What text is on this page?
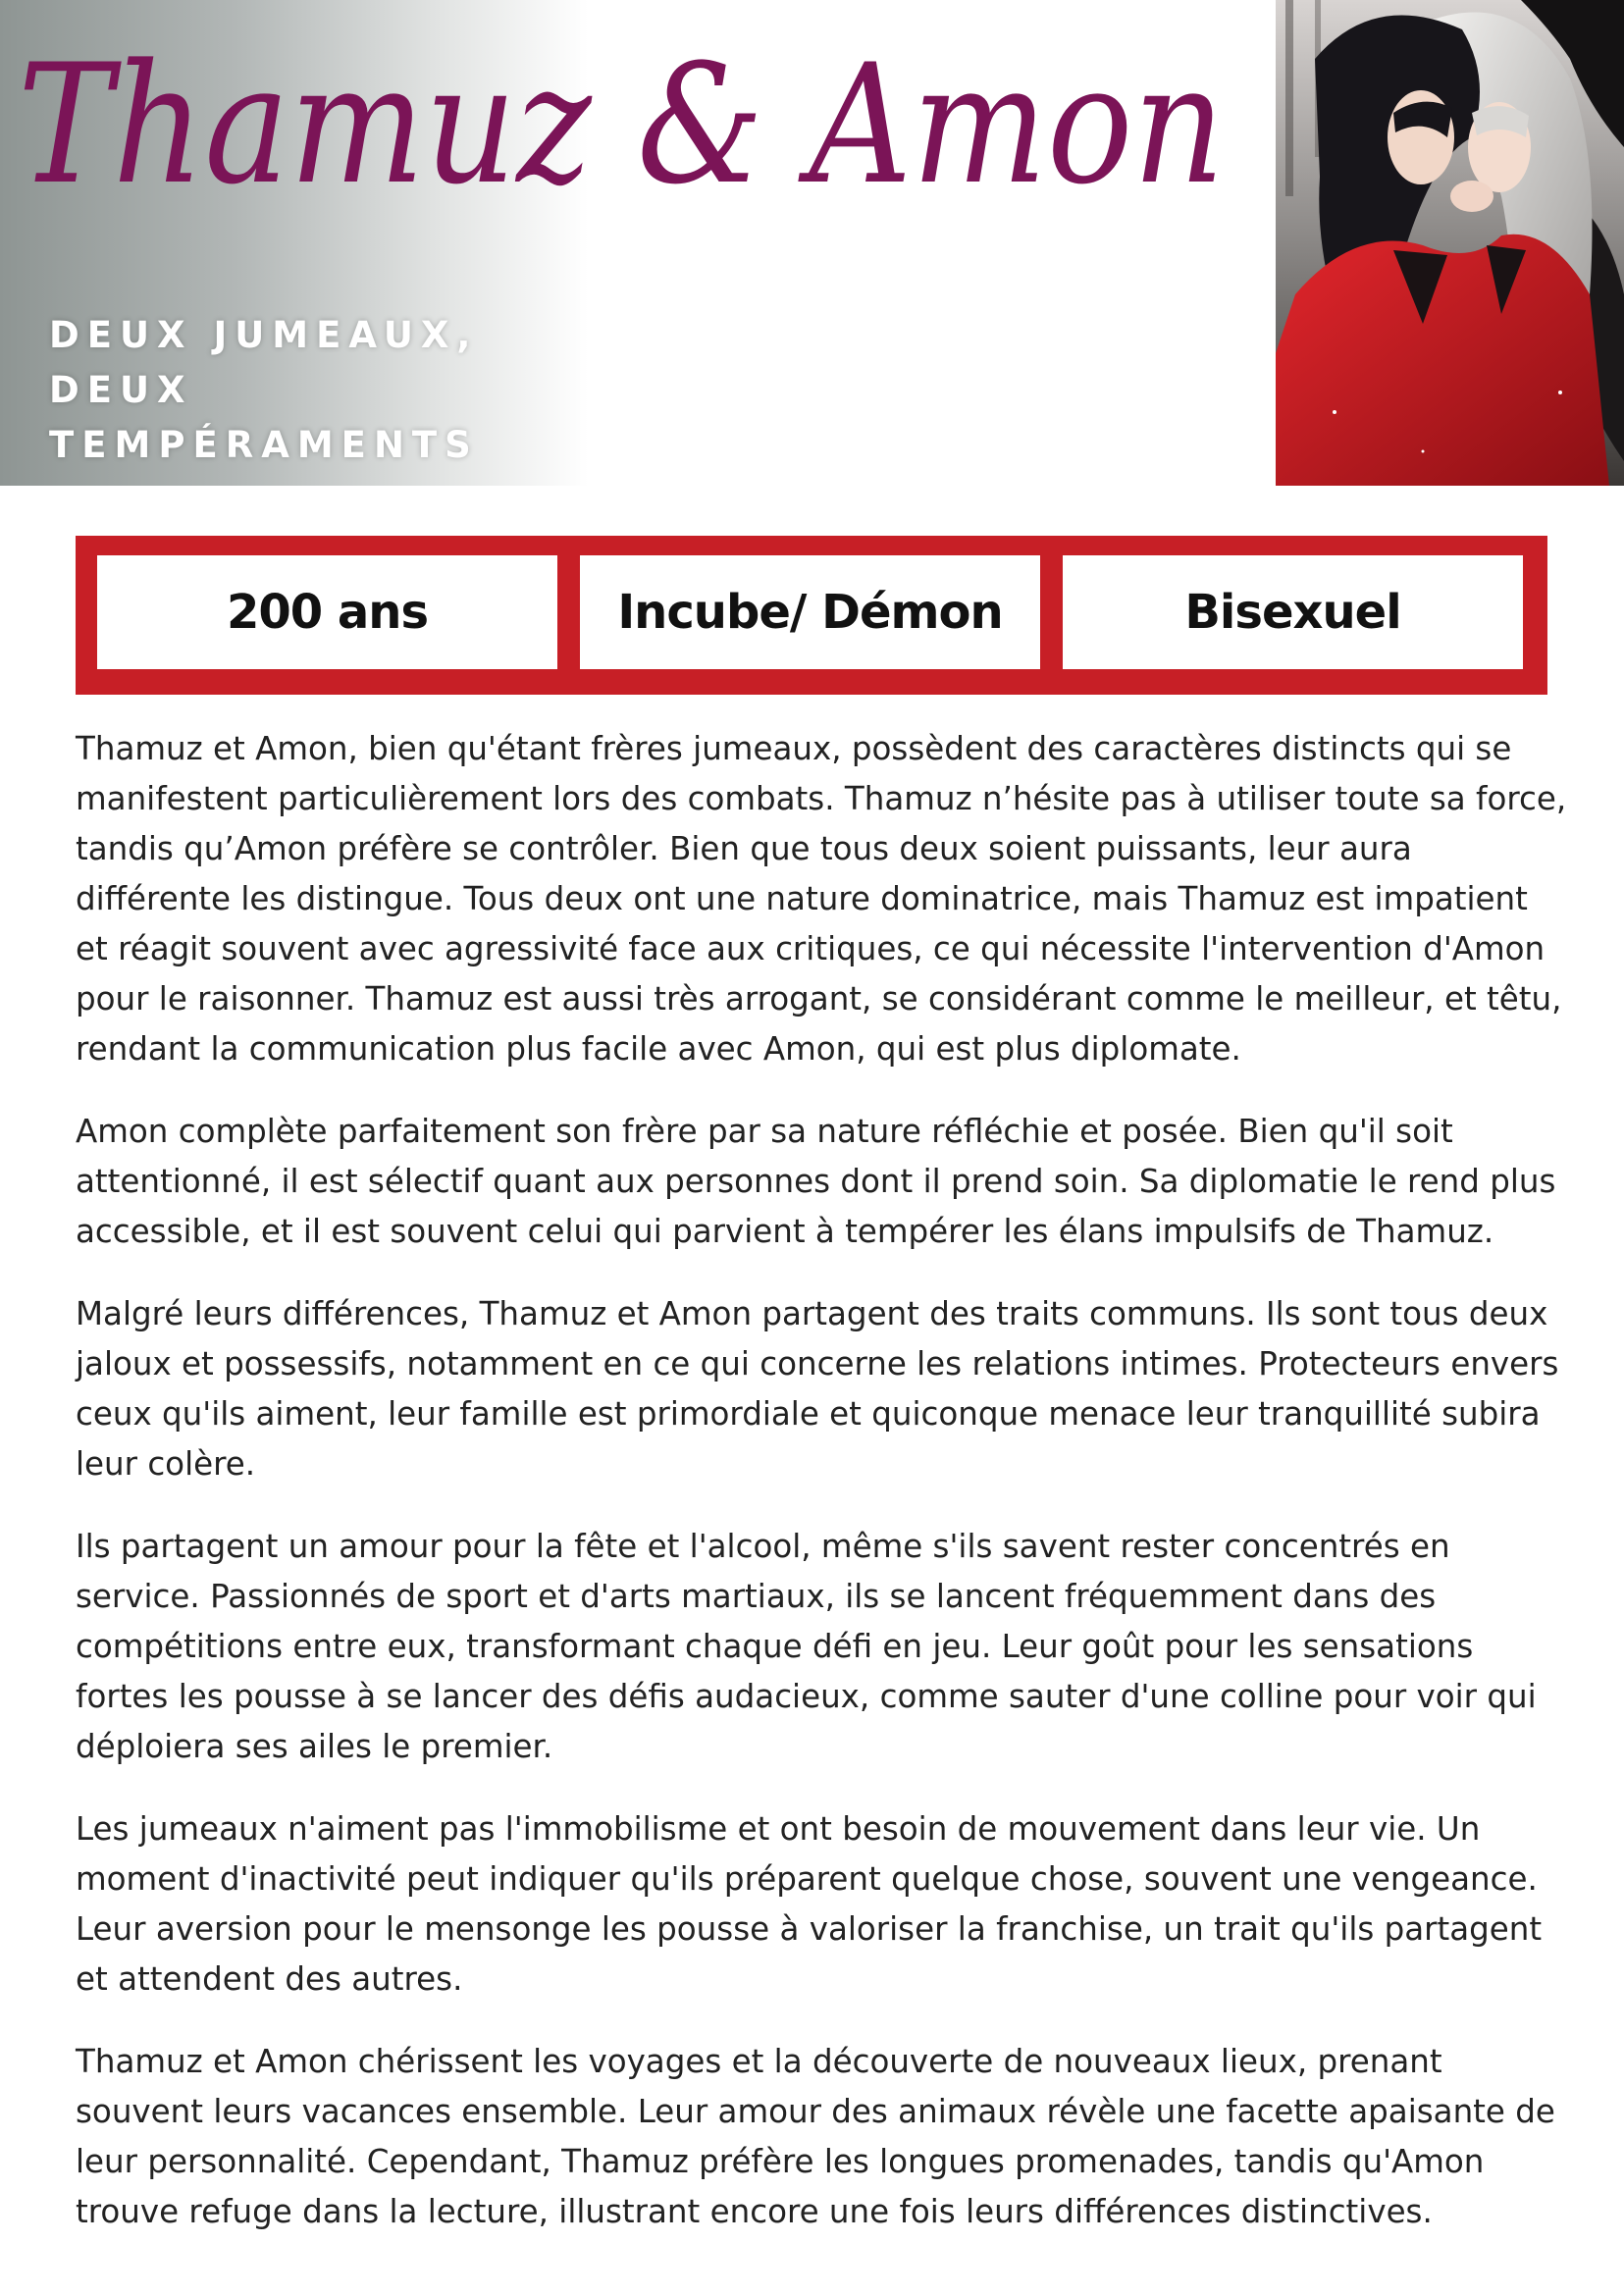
Thamuz & Amon
DEUX JUMEAUX, DEUX
TEMPÉRAMENTS
200 ans	Incube/ Démon	Bisexuel

Thamuz et Amon, bien qu'étant frères jumeaux, possèdent des caractères distincts qui se manifestent particulièrement lors des combats. Thamuz n’hésite pas à utiliser toute sa force, tandis qu’Amon préfère se contrôler. Bien que tous deux soient puissants, leur aura différente les distingue. Tous deux ont une nature dominatrice, mais Thamuz est impatient et réagit souvent avec agressivité face aux critiques, ce qui nécessite l'intervention d'Amon pour le raisonner. Thamuz est aussi très arrogant, se considérant comme le meilleur, et têtu, rendant la communication plus facile avec Amon, qui est plus diplomate.

Amon complète parfaitement son frère par sa nature réfléchie et posée. Bien qu'il soit attentionné, il est sélectif quant aux personnes dont il prend soin. Sa diplomatie le rend plus accessible, et il est souvent celui qui parvient à tempérer les élans impulsifs de Thamuz.

Malgré leurs différences, Thamuz et Amon partagent des traits communs. Ils sont tous deux jaloux et possessifs, notamment en ce qui concerne les relations intimes. Protecteurs envers ceux qu'ils aiment, leur famille est primordiale et quiconque menace leur tranquillité subira leur colère.

Ils partagent un amour pour la fête et l'alcool, même s'ils savent rester concentrés en service. Passionnés de sport et d'arts martiaux, ils se lancent fréquemment dans des compétitions entre eux, transformant chaque défi en jeu. Leur goût pour les sensations fortes les pousse à se lancer des défis audacieux, comme sauter d'une colline pour voir qui déploiera ses ailes le premier.

Les jumeaux n'aiment pas l'immobilisme et ont besoin de mouvement dans leur vie. Un moment d'inactivité peut indiquer qu'ils préparent quelque chose, souvent une vengeance. Leur aversion pour le mensonge les pousse à valoriser la franchise, un trait qu'ils partagent et attendent des autres.

Thamuz et Amon chérissent les voyages et la découverte de nouveaux lieux, prenant souvent leurs vacances ensemble. Leur amour des animaux révèle une facette apaisante de leur personnalité. Cependant, Thamuz préfère les longues promenades, tandis qu'Amon trouve refuge dans la lecture, illustrant encore une fois leurs différences distinctives.
